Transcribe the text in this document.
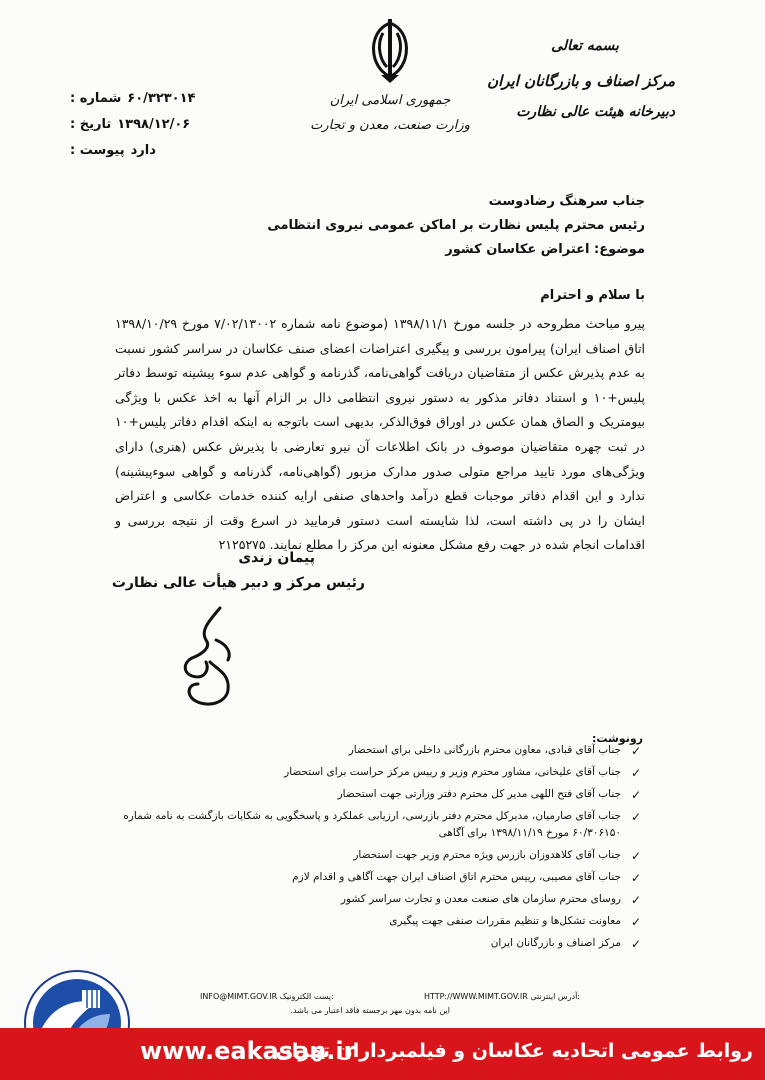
۶۰/۳۲۳۰۱۴
شماره :
۱۳۹۸/۱۲/۰۶
تاریخ :
دارد
پیوست :
جمهوری اسلامی ایران
وزارت صنعت، معدن و تجارت
بسمه تعالی
مرکز اصناف و بازرگانان ایران
دبیرخانه هیئت عالی نظارت
جناب سرهنگ رضادوست
رئیس محترم پلیس نظارت بر اماکن عمومی نیروی انتظامی
موضوع: اعتراض عکاسان کشور
با سلام و احترام
پیرو مباحث مطروحه در جلسه مورخ ۱۳۹۸/۱۱/۱ (موضوع نامه شماره ۷/۰۲/۱۳۰۰۲ مورخ ۱۳۹۸/۱۰/۲۹ اتاق اصناف ایران) پیرامون بررسی و پیگیری اعتراضات اعضای صنف عکاسان در سراسر کشور نسبت به عدم پذیرش عکس از متقاضیان دریافت گواهی‌نامه، گذرنامه و گواهی عدم سوء پیشینه توسط دفاتر پلیس+۱۰ و استناد دفاتر مذکور به دستور نیروی انتظامی دال بر الزام آنها به اخذ عکس با ویژگی بیومتریک و الصاق همان عکس در اوراق فوق‌الذکر، بدیهی است باتوجه به اینکه اقدام دفاتر پلیس+۱۰ در ثبت چهره متقاضیان موصوف در بانک اطلاعات آن نیرو تعارضی با پذیرش عکس (هنری) دارای ویژگی‌های مورد تایید مراجع متولی صدور مدارک مزبور (گواهی‌نامه، گذرنامه و گواهی سوءپیشینه) ندارد و این اقدام دفاتر موجبات قطع درآمد واحدهای صنفی ارایه کننده خدمات عکاسی و اعتراض ایشان را در پی داشته است، لذا شایسته است دستور فرمایید در اسرع وقت از نتیجه بررسی و اقدامات انجام شده در جهت رفع مشکل معنونه این مرکز را مطلع نمایند. ۲۱۲۵۲۷۵
پیمان زندی
رئیس مرکز و دبیر هیأت عالی نظارت
رونوشت:
✓
جناب آقای قبادی، معاون محترم بازرگانی داخلی برای استحضار
✓
جناب آقای علیخانی، مشاور محترم وزیر و رییس مرکز حراست برای استحضار
✓
جناب آقای فتح اللهی مدیر کل محترم دفتر وزارتی جهت استحضار
✓
جناب آقای صارمیان، مدیرکل محترم دفتر بازرسی، ارزیابی عملکرد و پاسخگویی به شکایات بازگشت به نامه شماره ۶۰/۳۰۶۱۵۰ مورخ ۱۳۹۸/۱۱/۱۹ برای آگاهی
✓
جناب آقای کلاهدوزان بازرس ویژه محترم وزیر جهت استحضار
✓
جناب آقای مصیبی، رییس محترم اتاق اصناف ایران جهت آگاهی و اقدام لازم
✓
روسای محترم سازمان های صنعت معدن و تجارت سراسر کشور
✓
معاونت تشکل‌ها و تنظیم مقررات صنفی جهت پیگیری
✓
مرکز اصناف و بازرگانان ایران
INFO@MIMT.GOV.IR پست الکترونیک:	HTTP://WWW.MIMT.GOV.IR آدرس اینترنتی:
این نامه بدون مهر برجسته فاقد اعتبار می باشد.
www.eakasan.ir
روابط عمومی اتحادیه عکاسان و فیلمبرداران تهران
